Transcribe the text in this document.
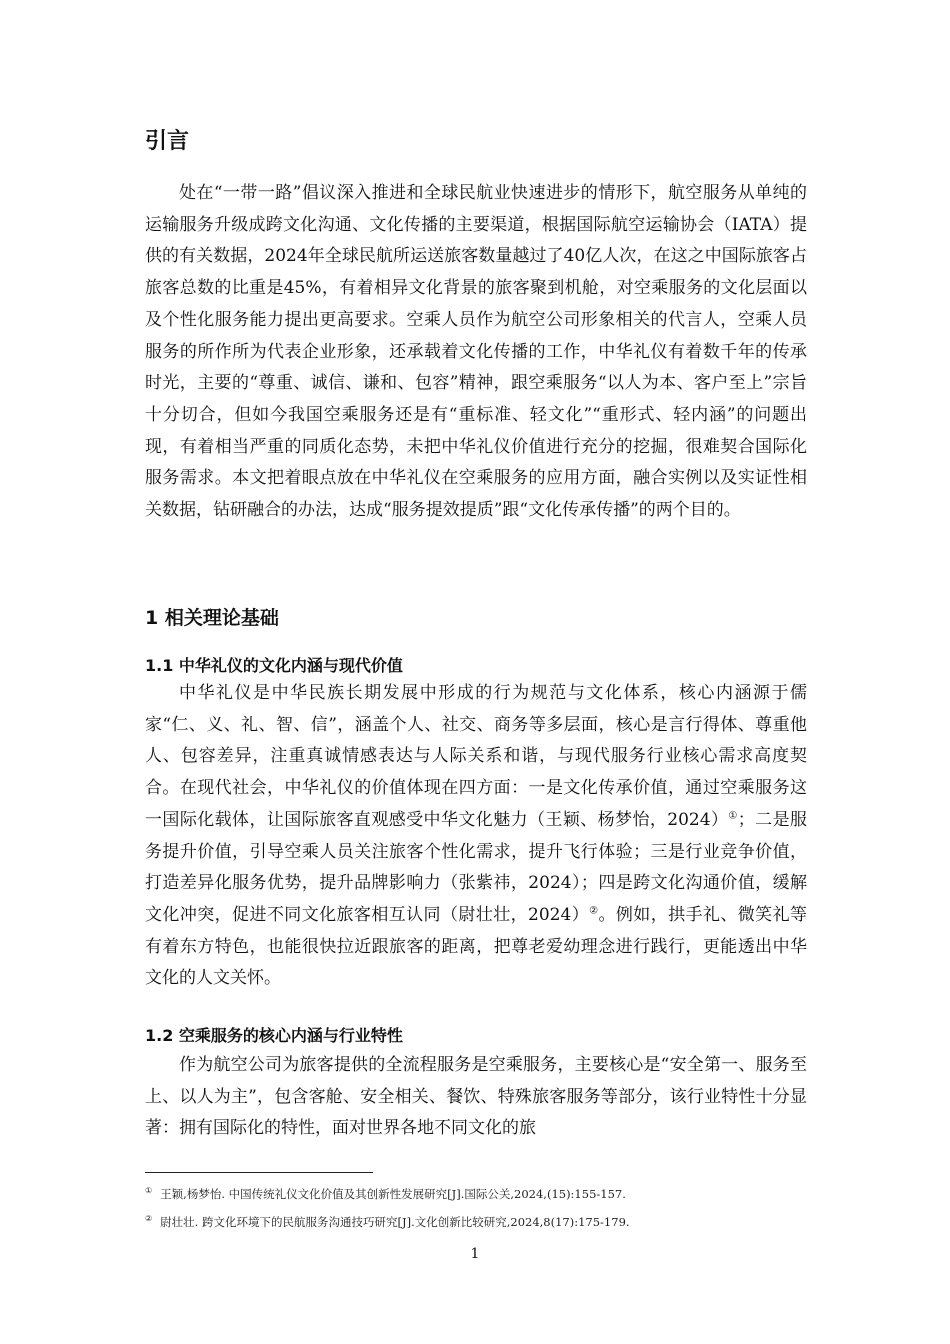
引言
处在“一带一路”倡议深入推进和全球民航业快速进步的情形下，航空服务从单纯的运输服务升级成跨文化沟通、文化传播的主要渠道，根据国际航空运输协会（IATA）提供的有关数据，2024年全球民航所运送旅客数量越过了40亿人次，在这之中国际旅客占旅客总数的比重是45%，有着相异文化背景的旅客聚到机舱，对空乘服务的文化层面以及个性化服务能力提出更高要求。空乘人员作为航空公司形象相关的代言人，空乘人员服务的所作所为代表企业形象，还承载着文化传播的工作，中华礼仪有着数千年的传承时光，主要的“尊重、诚信、谦和、包容”精神，跟空乘服务“以人为本、客户至上”宗旨十分切合，但如今我国空乘服务还是有“重标准、轻文化”“重形式、轻内涵”的问题出现，有着相当严重的同质化态势，未把中华礼仪价值进行充分的挖掘，很难契合国际化服务需求。本文把着眼点放在中华礼仪在空乘服务的应用方面，融合实例以及实证性相关数据，钻研融合的办法，达成“服务提效提质”跟“文化传承传播”的两个目的。
1 相关理论基础
1.1 中华礼仪的文化内涵与现代价值
中华礼仪是中华民族长期发展中形成的行为规范与文化体系，核心内涵源于儒家“仁、义、礼、智、信”，涵盖个人、社交、商务等多层面，核心是言行得体、尊重他人、包容差异，注重真诚情感表达与人际关系和谐，与现代服务行业核心需求高度契合。在现代社会，中华礼仪的价值体现在四方面：一是文化传承价值，通过空乘服务这一国际化载体，让国际旅客直观感受中华文化魅力（王颖、杨梦怡，2024）①；二是服务提升价值，引导空乘人员关注旅客个性化需求，提升飞行体验；三是行业竞争价值，打造差异化服务优势，提升品牌影响力（张紫祎，2024）；四是跨文化沟通价值，缓解文化冲突，促进不同文化旅客相互认同（尉壮壮，2024）②。例如，拱手礼、微笑礼等有着东方特色，也能很快拉近跟旅客的距离，把尊老爱幼理念进行践行，更能透出中华文化的人文关怀。
1.2 空乘服务的核心内涵与行业特性
作为航空公司为旅客提供的全流程服务是空乘服务，主要核心是“安全第一、服务至上、以人为主”，包含客舱、安全相关、餐饮、特殊旅客服务等部分，该行业特性十分显著：拥有国际化的特性，面对世界各地不同文化的旅
① 王颖,杨梦怡. 中国传统礼仪文化价值及其创新性发展研究[J].国际公关,2024,(15):155-157.
② 尉壮壮. 跨文化环境下的民航服务沟通技巧研究[J].文化创新比较研究,2024,8(17):175-179.
1
